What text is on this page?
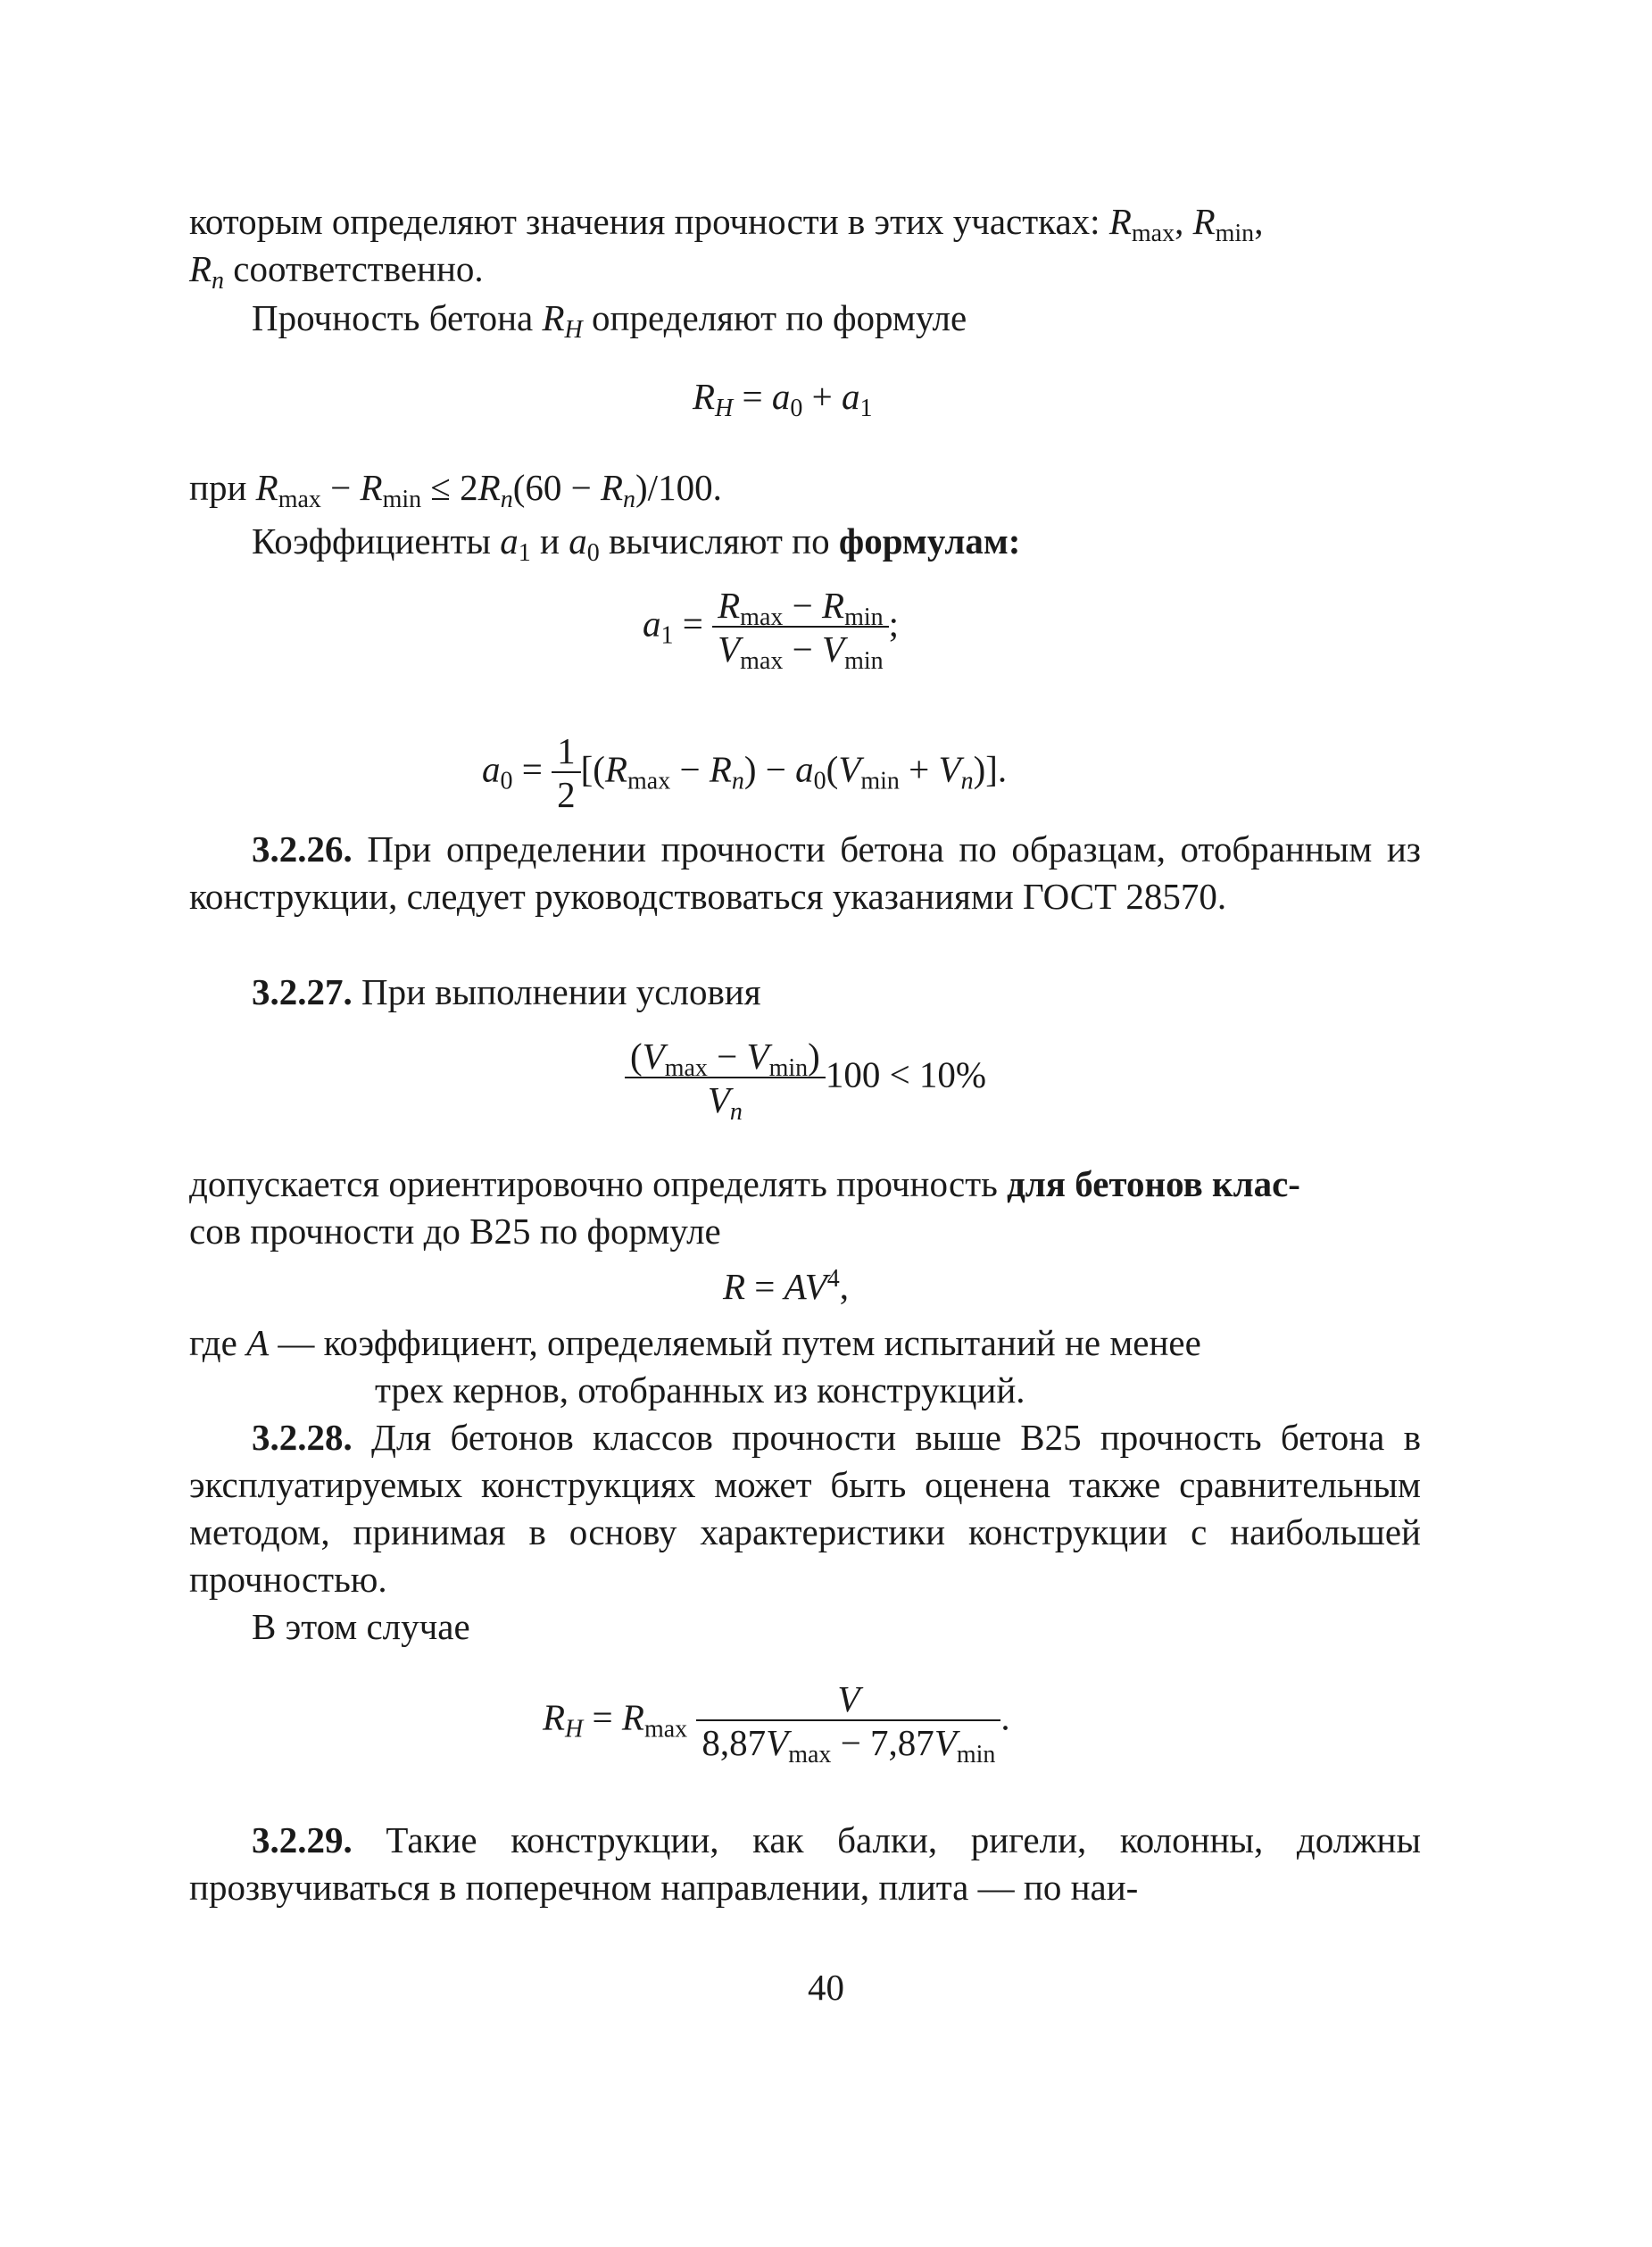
которым определяют значения прочности в этих участках: $R_{max}$, $R_{min}$,

$R_n$ соответственно.

Прочность бетона $R_H$ определяют по формуле

$R_H = a_0 + a_1$

при $R_{max} - R_{min} \le 2R_n(60 - R_n)/100$.

Коэффициенты $a_1$ и $a_0$ вычисляют по формулам:

$a_1 = \frac{R_{max} - R_{min}}{V_{max} - V_{min}}$ ;
$a_0 = \frac{1}{2} [(R_{max} - R_n) - a_0(V_{min} + V_n)]$.

3.2.26. При определении прочности бетона по образцам, отобранным из конструкции, следует руководствоваться указаниями ГОСТ 28570.

3.2.27. При выполнении условия

$\frac{(V_{max} - V_{min})}{V_n} 100 < 10\%$

допускается ориентировочно определять прочность для бетонов клас-

сов прочности до В25 по формуле

$R = AV^4$,

где A — коэффициент, определяемый путем испытаний не менее

трех кернов, отобранных из конструкций.

3.2.28. Для бетонов классов прочности выше В25 прочность бетона в эксплуатируемых конструкциях может быть оценена также сравнительным методом, принимая в основу характеристики конструкции с наибольшей прочностью.

В этом случае

$R_H = R_{max} \frac{V}{8,87V_{max} - 7,87V_{min}}$ .

3.2.29. Такие конструкции, как балки, ригели, колонны, должны прозвучиваться в поперечном направлении, плита — по наи-

40
